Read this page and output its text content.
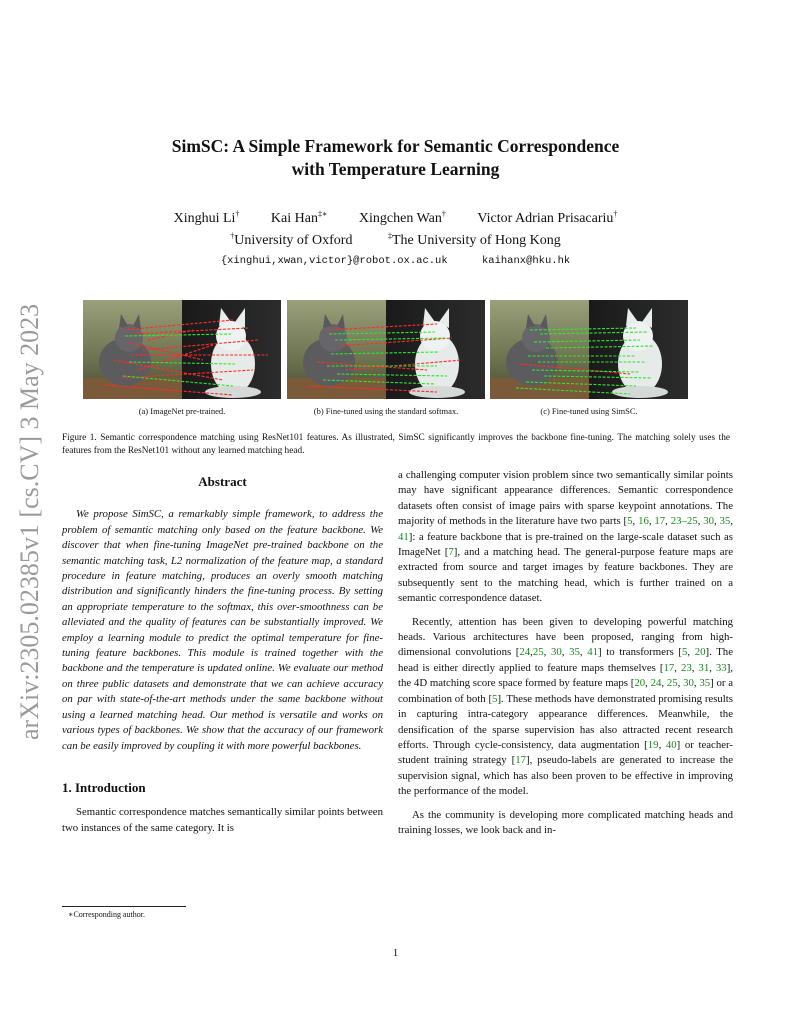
arXiv:2305.02385v1 [cs.CV] 3 May 2023
SimSC: A Simple Framework for Semantic Correspondence
with Temperature Learning
Xinghui Li† Kai Han‡∗ Xingchen Wan† Victor Adrian Prisacariu†
†University of Oxford	‡The University of Hong Kong
{xinghui,xwan,victor}@robot.ox.ac.uk	kaihanx@hku.hk
(a) ImageNet pre-trained.	(b) Fine-tuned using the standard softmax.	(c) Fine-tuned using SimSC.
Figure 1. Semantic correspondence matching using ResNet101 features. As illustrated, SimSC significantly improves the backbone fine-tuning. The matching solely uses the features from the ResNet101 without any learned matching head.
Abstract

We propose SimSC, a remarkably simple framework, to address the problem of semantic matching only based on the feature backbone. We discover that when fine-tuning ImageNet pre-trained backbone on the semantic matching task, L2 normalization of the feature map, a standard procedure in feature matching, produces an overly smooth matching distribution and significantly hinders the fine-tuning process. By setting an appropriate temperature to the softmax, this over-smoothness can be alleviated and the quality of features can be substantially improved. We employ a learning module to predict the optimal temperature for fine-tuning feature backbones. This module is trained together with the backbone and the temperature is updated online. We evaluate our method on three public datasets and demonstrate that we can achieve accuracy on par with state-of-the-art methods under the same backbone without using a learned matching head. Our method is versatile and works on various types of backbones. We show that the accuracy of our framework can be easily improved by coupling it with more powerful backbones.

1. Introduction

Semantic correspondence matches semantically similar points between two instances of the same category. It is

a challenging computer vision problem since two semantically similar points may have significant appearance differences. Semantic correspondence datasets often consist of image pairs with sparse keypoint annotations. The majority of methods in the literature have two parts [5, 16, 17, 23–25, 30, 35, 41]: a feature backbone that is pre-trained on the large-scale dataset such as ImageNet [7], and a matching head. The general-purpose feature maps are extracted from source and target images by feature backbones. They are subsequently sent to the matching head, which is further trained on a semantic correspondence dataset.

Recently, attention has been given to developing powerful matching heads. Various architectures have been proposed, ranging from high-dimensional convolutions [24,25, 30, 35, 41] to transformers [5, 20]. The head is either directly applied to feature maps themselves [17, 23, 31, 33], the 4D matching score space formed by feature maps [20, 24, 25, 30, 35] or a combination of both [5]. These methods have demonstrated promising results in capturing intra-category appearance differences. Meanwhile, the densification of the sparse supervision has also attracted recent research efforts. Through cycle-consistency, data augmentation [19, 40] or teacher-student training strategy [17], pseudo-labels are generated to increase the supervision signal, which has also been proven to be effective in improving the performance of the model.

As the community is developing more complicated matching heads and training losses, we look back and in-

∗Corresponding author.
1
